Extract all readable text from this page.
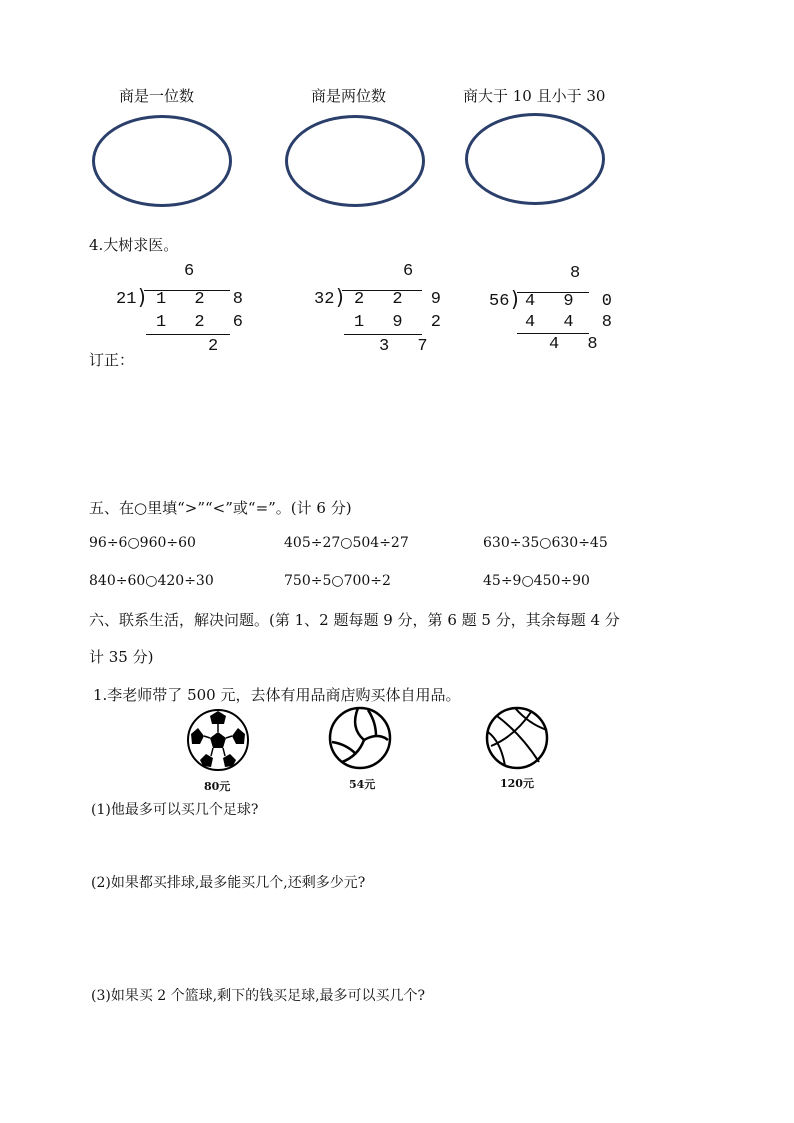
商是一位数	商是两位数	商大于 10 且小于 30
4.大树求医。
6
21 ) 1 2 8
1 2 6
2
6
32 ) 2 2 9
1 9 2
3 7
8
56 ) 4 9 0
4 4 8
4 8
订正：
五、在○里填“>”“<”或“=”。(计 6 分)
96÷6○960÷60	405÷27○504÷27	630÷35○630÷45
840÷60○420÷30	750÷5○700÷2	45÷9○450÷90
六、联系生活，解决问题。(第 1、2 题每题 9 分，第 6 题 5 分，其余每题 4 分
计 35 分)
1.李老师带了 500 元，去体有用品商店购买体自用品。
80元	54元	120元
(1)他最多可以买几个足球?
(2)如果都买排球,最多能买几个,还剩多少元?
(3)如果买 2 个篮球,剩下的钱买足球,最多可以买几个?
